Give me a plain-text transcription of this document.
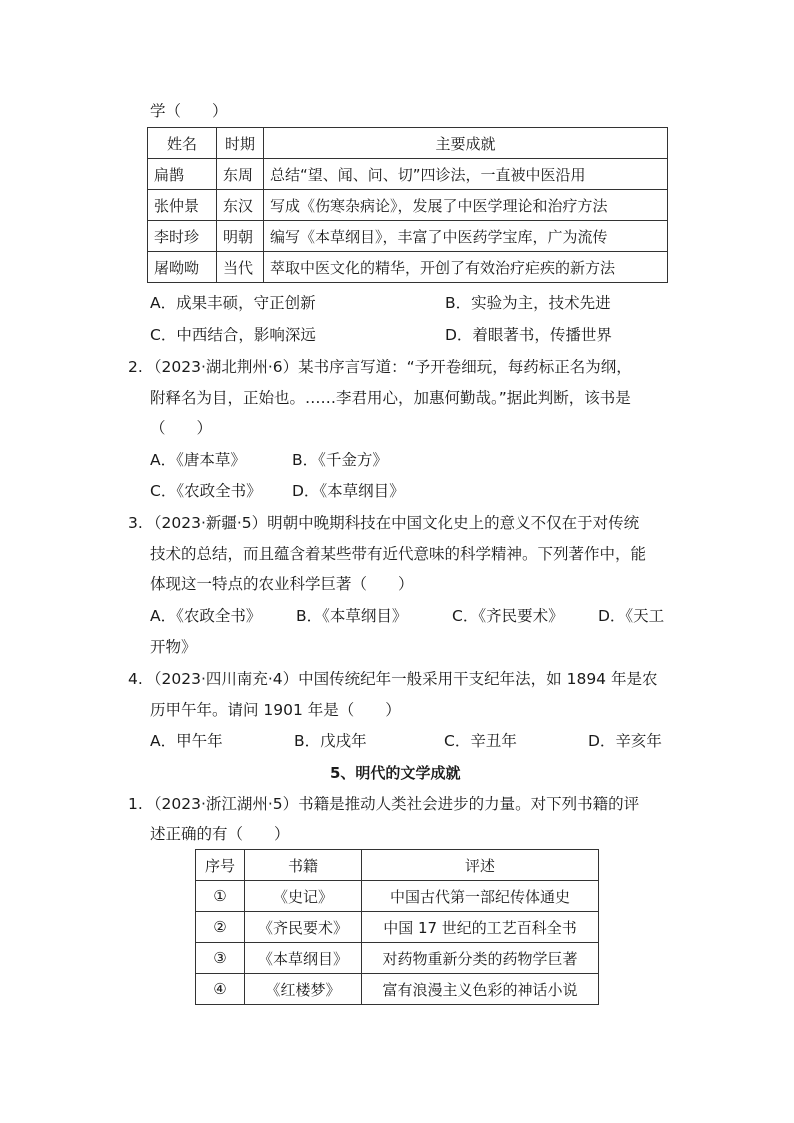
学（　　）
姓名	时期	主要成就
扁鹊	东周	总结“望、闻、问、切”四诊法，一直被中医沿用
张仲景	东汉	写成《伤寒杂病论》，发展了中医学理论和治疗方法
李时珍	明朝	编写《本草纲目》，丰富了中医药学宝库，广为流传
屠呦呦	当代	萃取中医文化的精华，开创了有效治疗疟疾的新方法
A．成果丰硕，守正创新	B．实验为主，技术先进
C．中西结合，影响深远	D．着眼著书，传播世界
2. （2023·湖北荆州·6）某书序言写道：“予开卷细玩，每药标正名为纲，
附释名为目，正始也。……李君用心，加惠何勤哉。”据此判断，该书是
（　　）
A．《唐本草》	B．《千金方》
C．《农政全书》 D．《本草纲目》
3. （2023·新疆·5）明朝中晚期科技在中国文化史上的意义不仅在于对传统
技术的总结，而且蕴含着某些带有近代意味的科学精神。下列著作中，能
体现这一特点的农业科学巨著（　　）
A．《农政全书》 B．《本草纲目》	C．《齐民要术》 D．《天工
开物》
4. （2023·四川南充·4）中国传统纪年一般采用干支纪年法，如 1894 年是农
历甲午年。请问 1901 年是（　　）
A．甲午年	B．戊戌年	C．辛丑年	D．辛亥年
5、明代的文学成就
1. （2023·浙江湖州·5）书籍是推动人类社会进步的力量。对下列书籍的评
述正确的有（　　）
序号	书籍	评述
①	《史记》	中国古代第一部纪传体通史
②	《齐民要术》	中国 17 世纪的工艺百科全书
③	《本草纲目》	对药物重新分类的药物学巨著
④	《红楼梦》	富有浪漫主义色彩的神话小说
